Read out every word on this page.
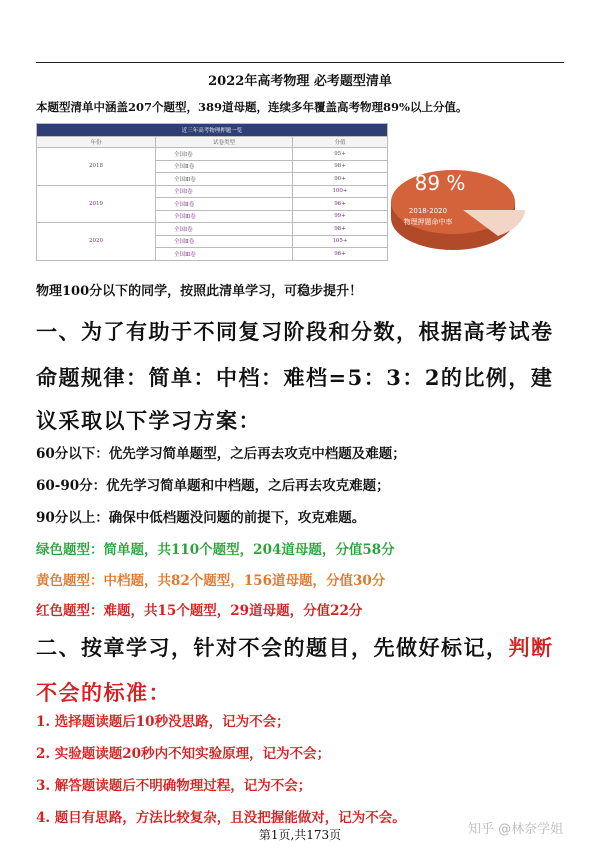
2022年高考物理 必考题型清单
本题型清单中涵盖207个题型，389道母题，连续多年覆盖高考物理89%以上分值。
近三年高考物理押题一览		
年份	试卷类型	分值
2018	全国Ⅰ卷	95+
	全国Ⅱ卷	98+
	全国Ⅲ卷	90+
2019	全国Ⅰ卷	100+
	全国Ⅱ卷	96+
	全国Ⅲ卷	99+
2020	全国Ⅰ卷	98+
	全国Ⅱ卷	105+
	全国Ⅲ卷	96+
89 %
2018-2020
物理押题命中率
物理100分以下的同学，按照此清单学习，可稳步提升！
一、为了有助于不同复习阶段和分数，根据高考试卷
命题规律：简单：中档：难档=5：3：2的比例，建
议采取以下学习方案：
60分以下：优先学习简单题型，之后再去攻克中档题及难题；
60-90分：优先学习简单题和中档题，之后再去攻克难题；
90分以上：确保中低档题没问题的前提下，攻克难题。
绿色题型：简单题，共110个题型，204道母题，分值58分
黄色题型：中档题，共82个题型，156道母题，分值30分
红色题型：难题，共15个题型，29道母题，分值22分
二、按章学习，针对不会的题目，先做好标记，判断
不会的标准：
1. 选择题读题后10秒没思路，记为不会；
2. 实验题读题20秒内不知实验原理，记为不会；
3. 解答题读题后不明确物理过程，记为不会；
4. 题目有思路，方法比较复杂，且没把握能做对，记为不会。
第1页,共173页	知乎 @林奈学姐
